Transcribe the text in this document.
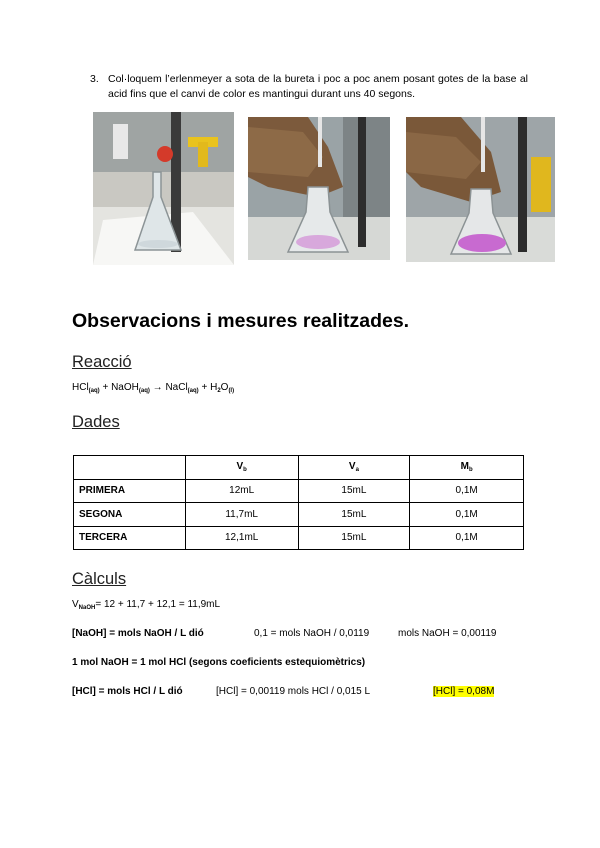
3. Col·loquem l’erlenmeyer a sota de la bureta i poc a poc anem posant gotes de la base al acid fins que el canvi de color es mantingui durant uns 40 segons.
Observacions i mesures realitzades.
Reacció
HCl$_{(aq)}$ + NaOH$_{(aq)}$ → NaCl$_{(aq)}$ + $H_2O_{(l)}$
Dades
	$V_b$	$V_a$	$M_b$
PRIMERA	12mL	15mL	0,1M
SEGONA	11,7mL	15mL	0,1M
TERCERA	12,1mL	15mL	0,1M
Càlculs
$V_{NaOH}= 12 + 11,7 + 12,1 = 11,9mL$
[NaOH] = mols NaOH / L dió	0,1 = mols NaOH / 0,0119	mols NaOH = 0,00119
1 mol NaOH = 1 mol HCl (segons coeficients estequiomètrics)
[HCl] = mols HCl / L dió	[HCl] = 0,00119 mols HCl / 0,015 L	[HCl] = 0,08M
